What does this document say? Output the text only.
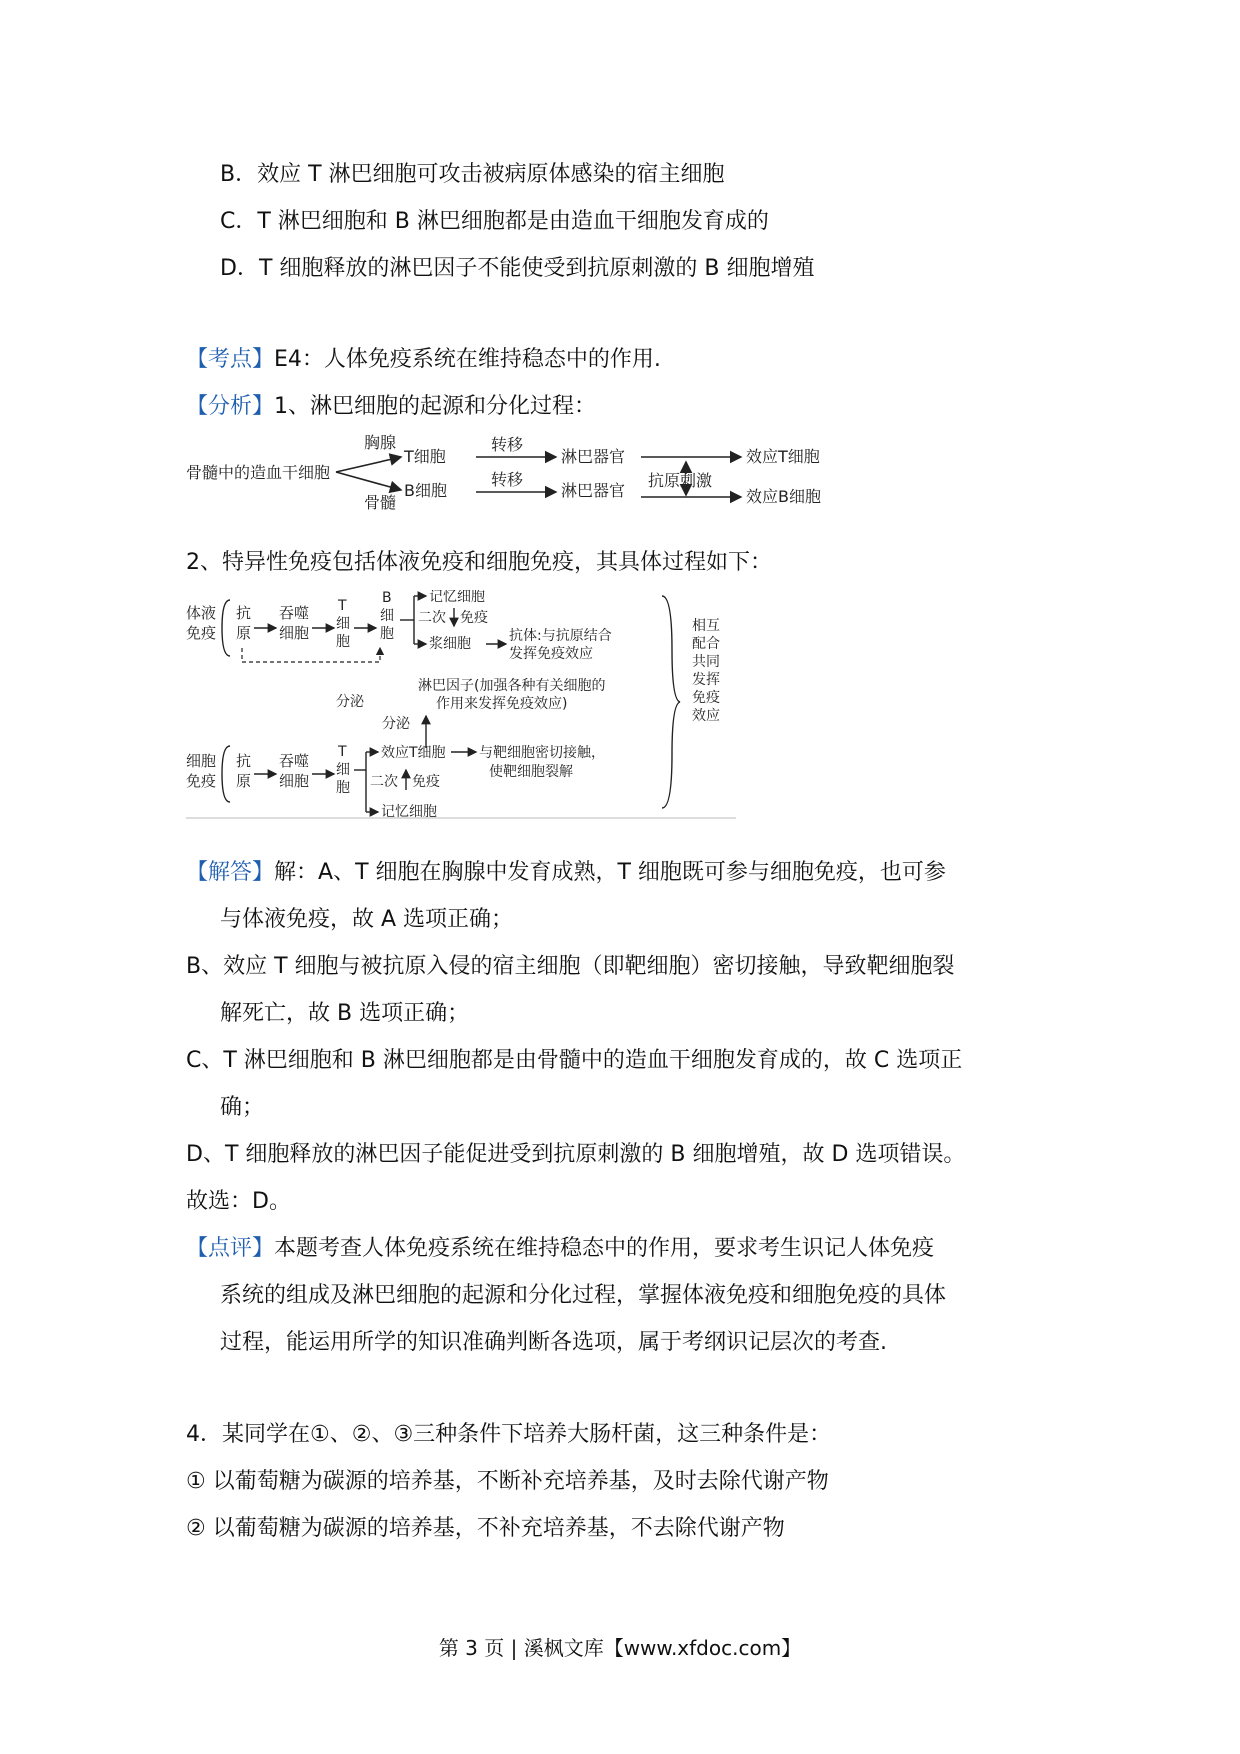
B．效应 T 淋巴细胞可攻击被病原体感染的宿主细胞
C．T 淋巴细胞和 B 淋巴细胞都是由造血干细胞发育成的
D．T 细胞释放的淋巴因子不能使受到抗原刺激的 B 细胞增殖
【考点】E4：人体免疫系统在维持稳态中的作用.
【分析】1、淋巴细胞的起源和分化过程：
骨髓中的造血干细胞
胸腺
骨髓
T细胞
B细胞
转移
转移
淋巴器官
淋巴器官
抗原刺激
效应T细胞
效应B细胞
2、特异性免疫包括体液免疫和细胞免疫，其具体过程如下：
体液
免疫
抗
原
吞噬
细胞
T
细
胞
B
细
胞
记忆细胞
二次 免疫
浆细胞	抗体:与抗原结合
发挥免疫效应
相互
配合
共同
发挥
免疫
效应
分泌
淋巴因子(加强各种有关细胞的
作用来发挥免疫效应)
分泌
细胞
免疫
抗
原
吞噬
细胞
T
细
胞
效应T细胞 与靶细胞密切接触，
使靶细胞裂解
二次 免疫
记忆细胞
【解答】解：A、T 细胞在胸腺中发育成熟，T 细胞既可参与细胞免疫，也可参
与体液免疫，故 A 选项正确；
B、效应 T 细胞与被抗原入侵的宿主细胞（即靶细胞）密切接触，导致靶细胞裂
解死亡，故 B 选项正确；
C、T 淋巴细胞和 B 淋巴细胞都是由骨髓中的造血干细胞发育成的，故 C 选项正
确；
D、T 细胞释放的淋巴因子能促进受到抗原刺激的 B 细胞增殖，故 D 选项错误。
故选：D。
【点评】本题考查人体免疫系统在维持稳态中的作用，要求考生识记人体免疫
系统的组成及淋巴细胞的起源和分化过程，掌握体液免疫和细胞免疫的具体
过程，能运用所学的知识准确判断各选项，属于考纲识记层次的考查.
4．某同学在①、②、③三种条件下培养大肠杆菌，这三种条件是：
① 以葡萄糖为碳源的培养基，不断补充培养基，及时去除代谢产物
② 以葡萄糖为碳源的培养基，不补充培养基，不去除代谢产物
第 3 页 | 溪枫文库【www.xfdoc.com】
